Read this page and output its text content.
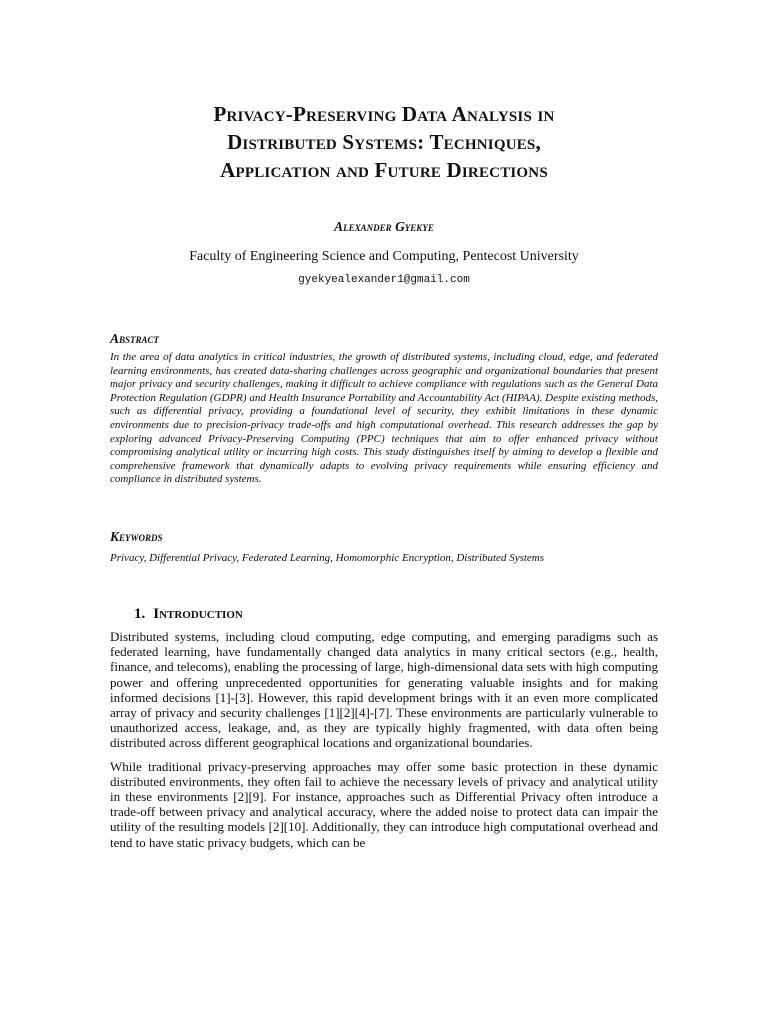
Privacy-Preserving Data Analysis in
Distributed Systems: Techniques,
Application and Future Directions
Alexander Gyekye
Faculty of Engineering Science and Computing, Pentecost University
gyekyealexander1@gmail.com
Abstract

In the area of data analytics in critical industries, the growth of distributed systems, including cloud, edge, and federated learning environments, has created data-sharing challenges across geographic and organizational boundaries that present major privacy and security challenges, making it difficult to achieve compliance with regulations such as the General Data Protection Regulation (GDPR) and Health Insurance Portability and Accountability Act (HIPAA). Despite existing methods, such as differential privacy, providing a foundational level of security, they exhibit limitations in these dynamic environments due to precision-privacy trade-offs and high computational overhead. This research addresses the gap by exploring advanced Privacy-Preserving Computing (PPC) techniques that aim to offer enhanced privacy without compromising analytical utility or incurring high costs. This study distinguishes itself by aiming to develop a flexible and comprehensive framework that dynamically adapts to evolving privacy requirements while ensuring efficiency and compliance in distributed systems.

Keywords
Privacy, Differential Privacy, Federated Learning, Homomorphic Encryption, Distributed Systems
1. Introduction

Distributed systems, including cloud computing, edge computing, and emerging paradigms such as federated learning, have fundamentally changed data analytics in many critical sectors (e.g., health, finance, and telecoms), enabling the processing of large, high-dimensional data sets with high computing power and offering unprecedented opportunities for generating valuable insights and for making informed decisions [1]-[3]. However, this rapid development brings with it an even more complicated array of privacy and security challenges [1][2][4]-[7]. These environments are particularly vulnerable to unauthorized access, leakage, and, as they are typically highly fragmented, with data often being distributed across different geographical locations and organizational boundaries.

While traditional privacy-preserving approaches may offer some basic protection in these dynamic distributed environments, they often fail to achieve the necessary levels of privacy and analytical utility in these environments [2][9]. For instance, approaches such as Differential Privacy often introduce a trade-off between privacy and analytical accuracy, where the added noise to protect data can impair the utility of the resulting models [2][10]. Additionally, they can introduce high computational overhead and tend to have static privacy budgets, which can be
